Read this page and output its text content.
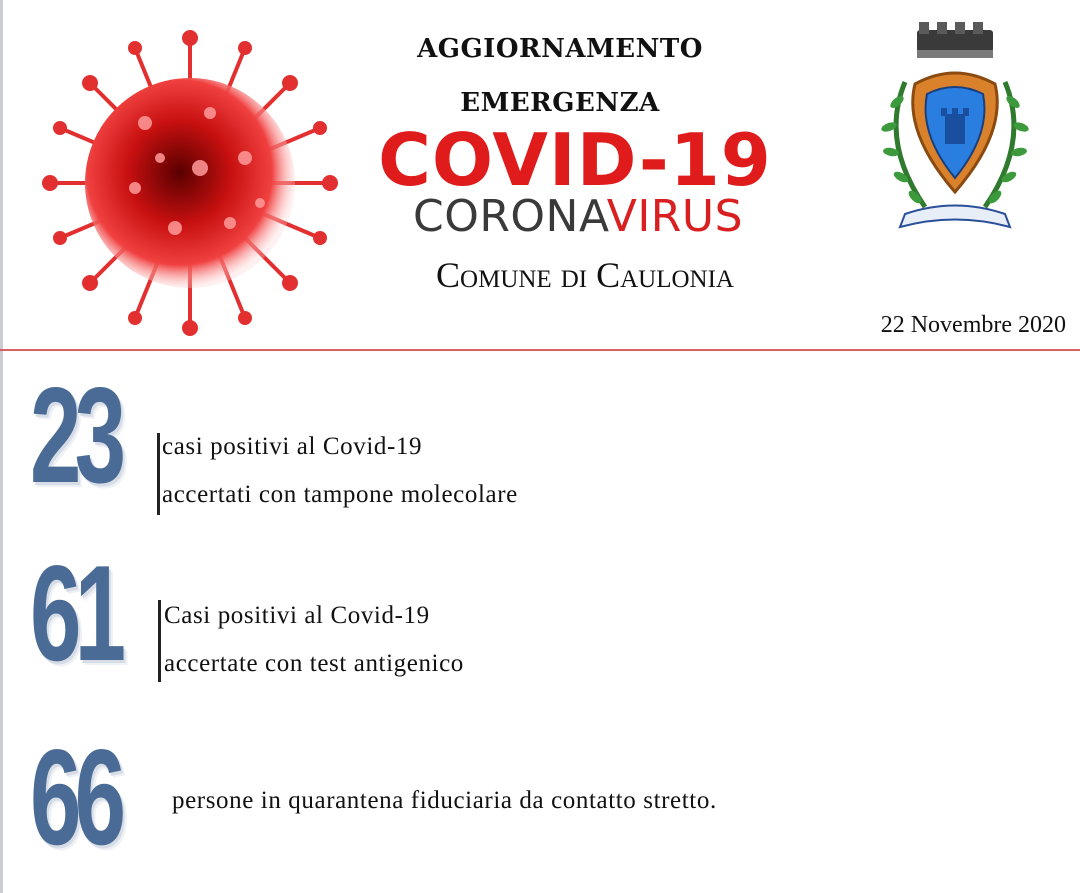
AGGIORNAMENTO
EMERGENZA
COVID-19
CORONAVIRUS
Comune di Caulonia
22 Novembre 2020
23 casi positivi al Covid-19
accertati con tampone molecolare
61 Casi positivi al Covid-19
accertate con test antigenico
66 persone in quarantena fiduciaria da contatto stretto.
